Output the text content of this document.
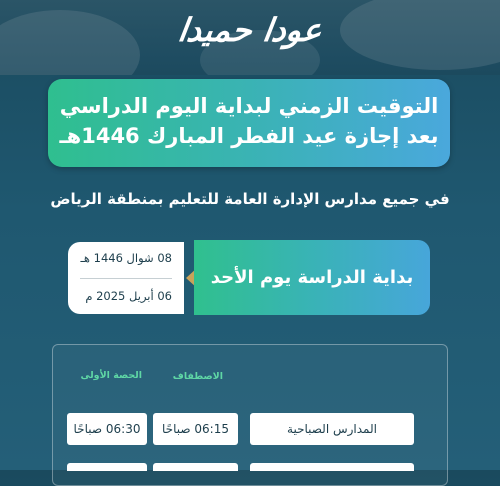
عودا حميدا
التوقيت الزمني لبداية اليوم الدراسي
بعد إجازة عيد الفطر المبارك 1446هـ
في جميع مدارس الإدارة العامة للتعليم بمنطقة الرياض
08 شوال 1446 هـ
06 أبريل 2025 م
بداية الدراسة يوم الأحد
الاصطفاف
الحصة الأولى
المدارس الصباحية
06:15 صباحًا
06:30 صباحًا
